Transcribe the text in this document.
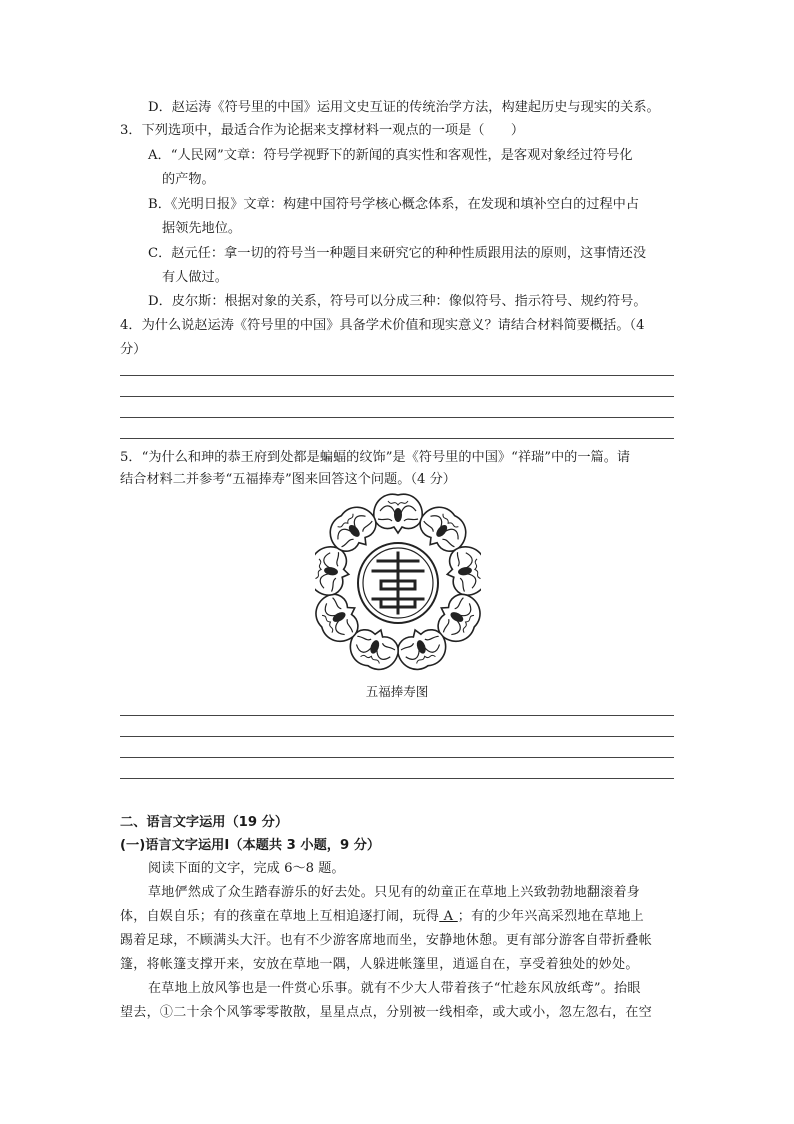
D．赵运涛《符号里的中国》运用文史互证的传统治学方法，构建起历史与现实的关系。
3．下列选项中，最适合作为论据来支撑材料一观点的一项是（　　）
A．“人民网”文章：符号学视野下的新闻的真实性和客观性，是客观对象经过符号化
的产物。
B．《光明日报》文章：构建中国符号学核心概念体系，在发现和填补空白的过程中占
据领先地位。
C．赵元任：拿一切的符号当一种题目来研究它的种种性质跟用法的原则，这事情还没
有人做过。
D．皮尔斯：根据对象的关系，符号可以分成三种：像似符号、指示符号、规约符号。
4．为什么说赵运涛《符号里的中国》具备学术价值和现实意义？请结合材料简要概括。（4
分）
5．“为什么和珅的恭王府到处都是蝙蝠的纹饰”是《符号里的中国》“祥瑞”中的一篇。请
结合材料二并参考“五福捧寿”图来回答这个问题。（4 分）
五福捧寿图
二、语言文字运用（19 分）
(一)语言文字运用Ⅰ（本题共 3 小题，9 分）
阅读下面的文字，完成 6～8 题。
草地俨然成了众生踏春游乐的好去处。只见有的幼童正在草地上兴致勃勃地翻滚着身
体，自娱自乐；有的孩童在草地上互相追逐打闹，玩得 A ；有的少年兴高采烈地在草地上
踢着足球，不顾满头大汗。也有不少游客席地而坐，安静地休憩。更有部分游客自带折叠帐
篷，将帐篷支撑开来，安放在草地一隅，人躲进帐篷里，逍遥自在，享受着独处的妙处。
在草地上放风筝也是一件赏心乐事。就有不少大人带着孩子“忙趁东风放纸鸢”。抬眼
望去，①二十余个风筝零零散散，星星点点，分别被一线相牵，或大或小，忽左忽右，在空
